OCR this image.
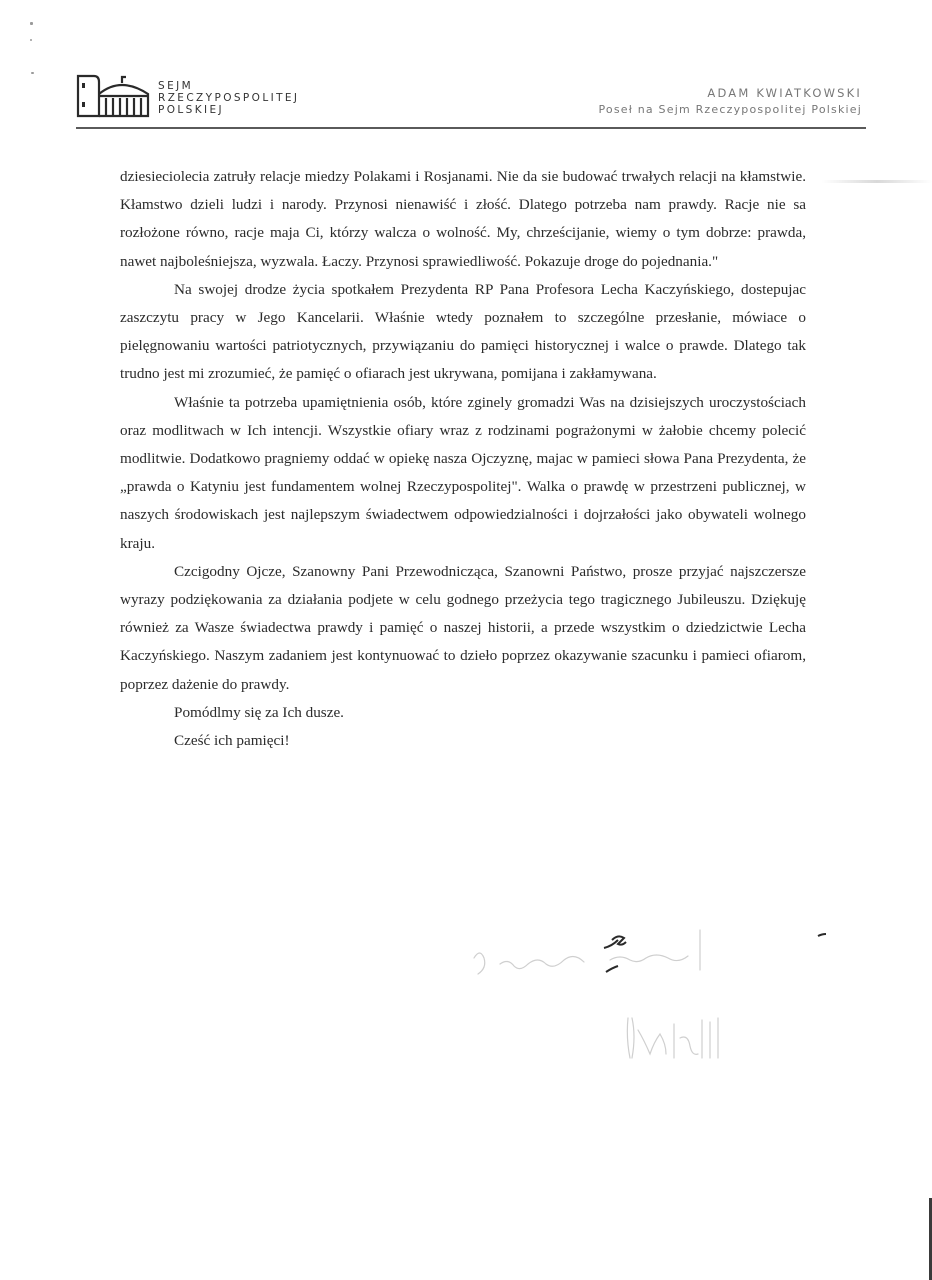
SEJM
RZECZYPOSPOLITEJ
POLSKIEJ
ADAM KWIATKOWSKI
Poseł na Sejm Rzeczypospolitej Polskiej

dziesieciolecia zatruły relacje miedzy Polakami i Rosjanami. Nie da sie budować trwałych relacji na kłamstwie. Kłamstwo dzieli ludzi i narody. Przynosi nienawiść i złość. Dlatego potrzeba nam prawdy. Racje nie sa rozłożone równo, racje maja Ci, którzy walcza o wolność. My, chrześcijanie, wiemy o tym dobrze: prawda, nawet najboleśniejsza, wyzwala. Łaczy. Przynosi sprawiedliwość. Pokazuje droge do pojednania."

Na swojej drodze życia spotkałem Prezydenta RP Pana Profesora Lecha Kaczyńskiego, dostepujac zaszczytu pracy w Jego Kancelarii. Właśnie wtedy poznałem to szczególne przesłanie, mówiace o pielęgnowaniu wartości patriotycznych, przywiązaniu do pamięci historycznej i walce o prawde. Dlatego tak trudno jest mi zrozumieć, że pamięć o ofiarach jest ukrywana, pomijana i zakłamywana.

Właśnie ta potrzeba upamiętnienia osób, które zginely gromadzi Was na dzisiejszych uroczystościach oraz modlitwach w Ich intencji. Wszystkie ofiary wraz z rodzinami pograżonymi w żałobie chcemy polecić modlitwie. Dodatkowo pragniemy oddać w opiekę nasza Ojczyznę, majac w pamieci słowa Pana Prezydenta, że „prawda o Katyniu jest fundamentem wolnej Rzeczypospolitej". Walka o prawdę w przestrzeni publicznej, w naszych środowiskach jest najlepszym świadectwem odpowiedzialności i dojrzałości jako obywateli wolnego kraju.

Czcigodny Ojcze, Szanowny Pani Przewodnicząca, Szanowni Państwo, prosze przyjać najszczersze wyrazy podziękowania za działania podjete w celu godnego przeżycia tego tragicznego Jubileuszu. Dziękuję również za Wasze świadectwa prawdy i pamięć o naszej historii, a przede wszystkim o dziedzictwie Lecha Kaczyńskiego. Naszym zadaniem jest kontynuować to dzieło poprzez okazywanie szacunku i pamieci ofiarom, poprzez dażenie do prawdy.

Pomódlmy się za Ich dusze.

Cześć ich pamięci!
